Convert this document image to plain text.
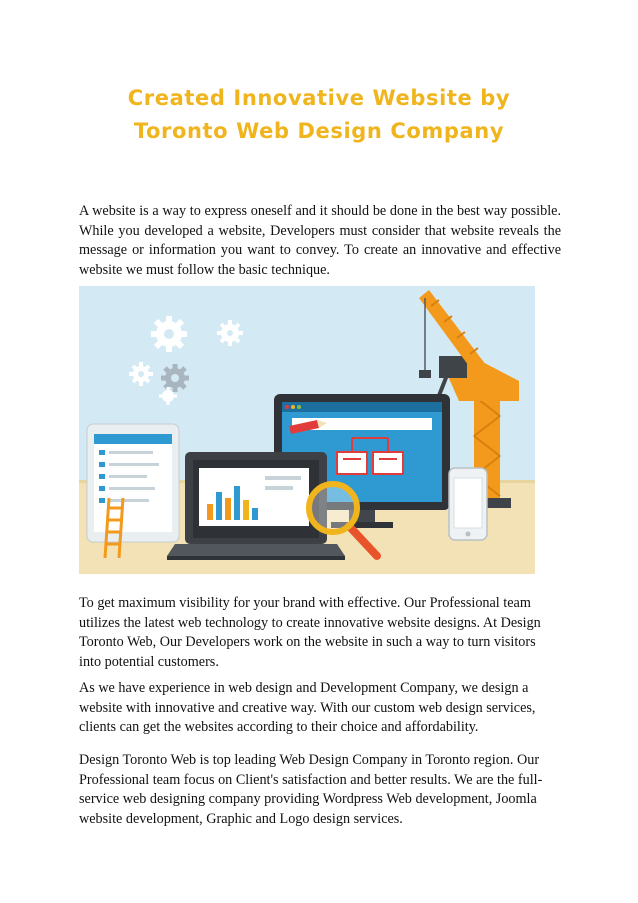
Created Innovative Website by
Toronto Web Design Company

A website is a way to express oneself and it should be done in the best way possible. While you developed a website, Developers must consider that website reveals the message or information you want to convey. To create an innovative and effective website we must follow the basic technique.

To get maximum visibility for your brand with effective. Our Professional team utilizes the latest web technology to create innovative website designs. At Design Toronto Web, Our Developers work on the website in such a way to turn visitors into potential customers.

As we have experience in web design and Development Company, we design a website with innovative and creative way. With our custom web design services, clients can get the websites according to their choice and affordability.

Design Toronto Web is top leading Web Design Company in Toronto region. Our Professional team focus on Client's satisfaction and better results. We are the full-service web designing company providing Wordpress Web development, Joomla website development, Graphic and Logo design services.
